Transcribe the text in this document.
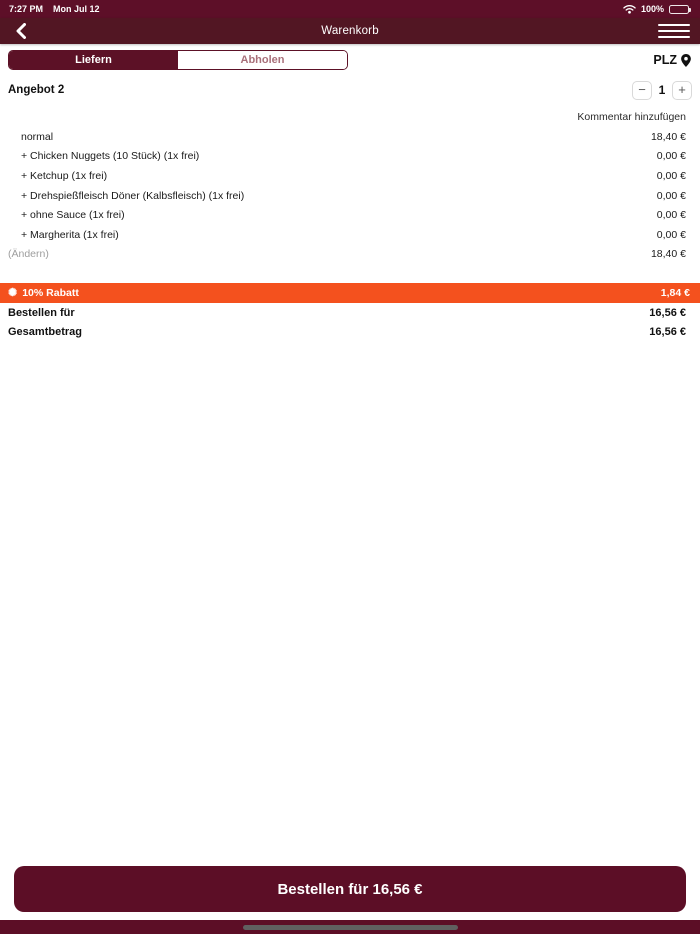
7:27 PM Mon Jul 12	100%
Warenkorb
Liefern	Abholen	PLZ
Angebot 2	−	1 +
Kommentar hinzufügen
normal	18,40 €
+ Chicken Nuggets (10 Stück) (1x frei)	0,00 €
+ Ketchup (1x frei)	0,00 €
+ Drehspießfleisch Döner (Kalbsfleisch) (1x frei)	0,00 €
+ ohne Sauce (1x frei)	0,00 €
+ Margherita (1x frei)	0,00 €
(Ändern)	18,40 €
✺ 10% Rabatt	1,84 €
Bestellen für	16,56 €
Gesamtbetrag	16,56 €
Bestellen für 16,56 €
